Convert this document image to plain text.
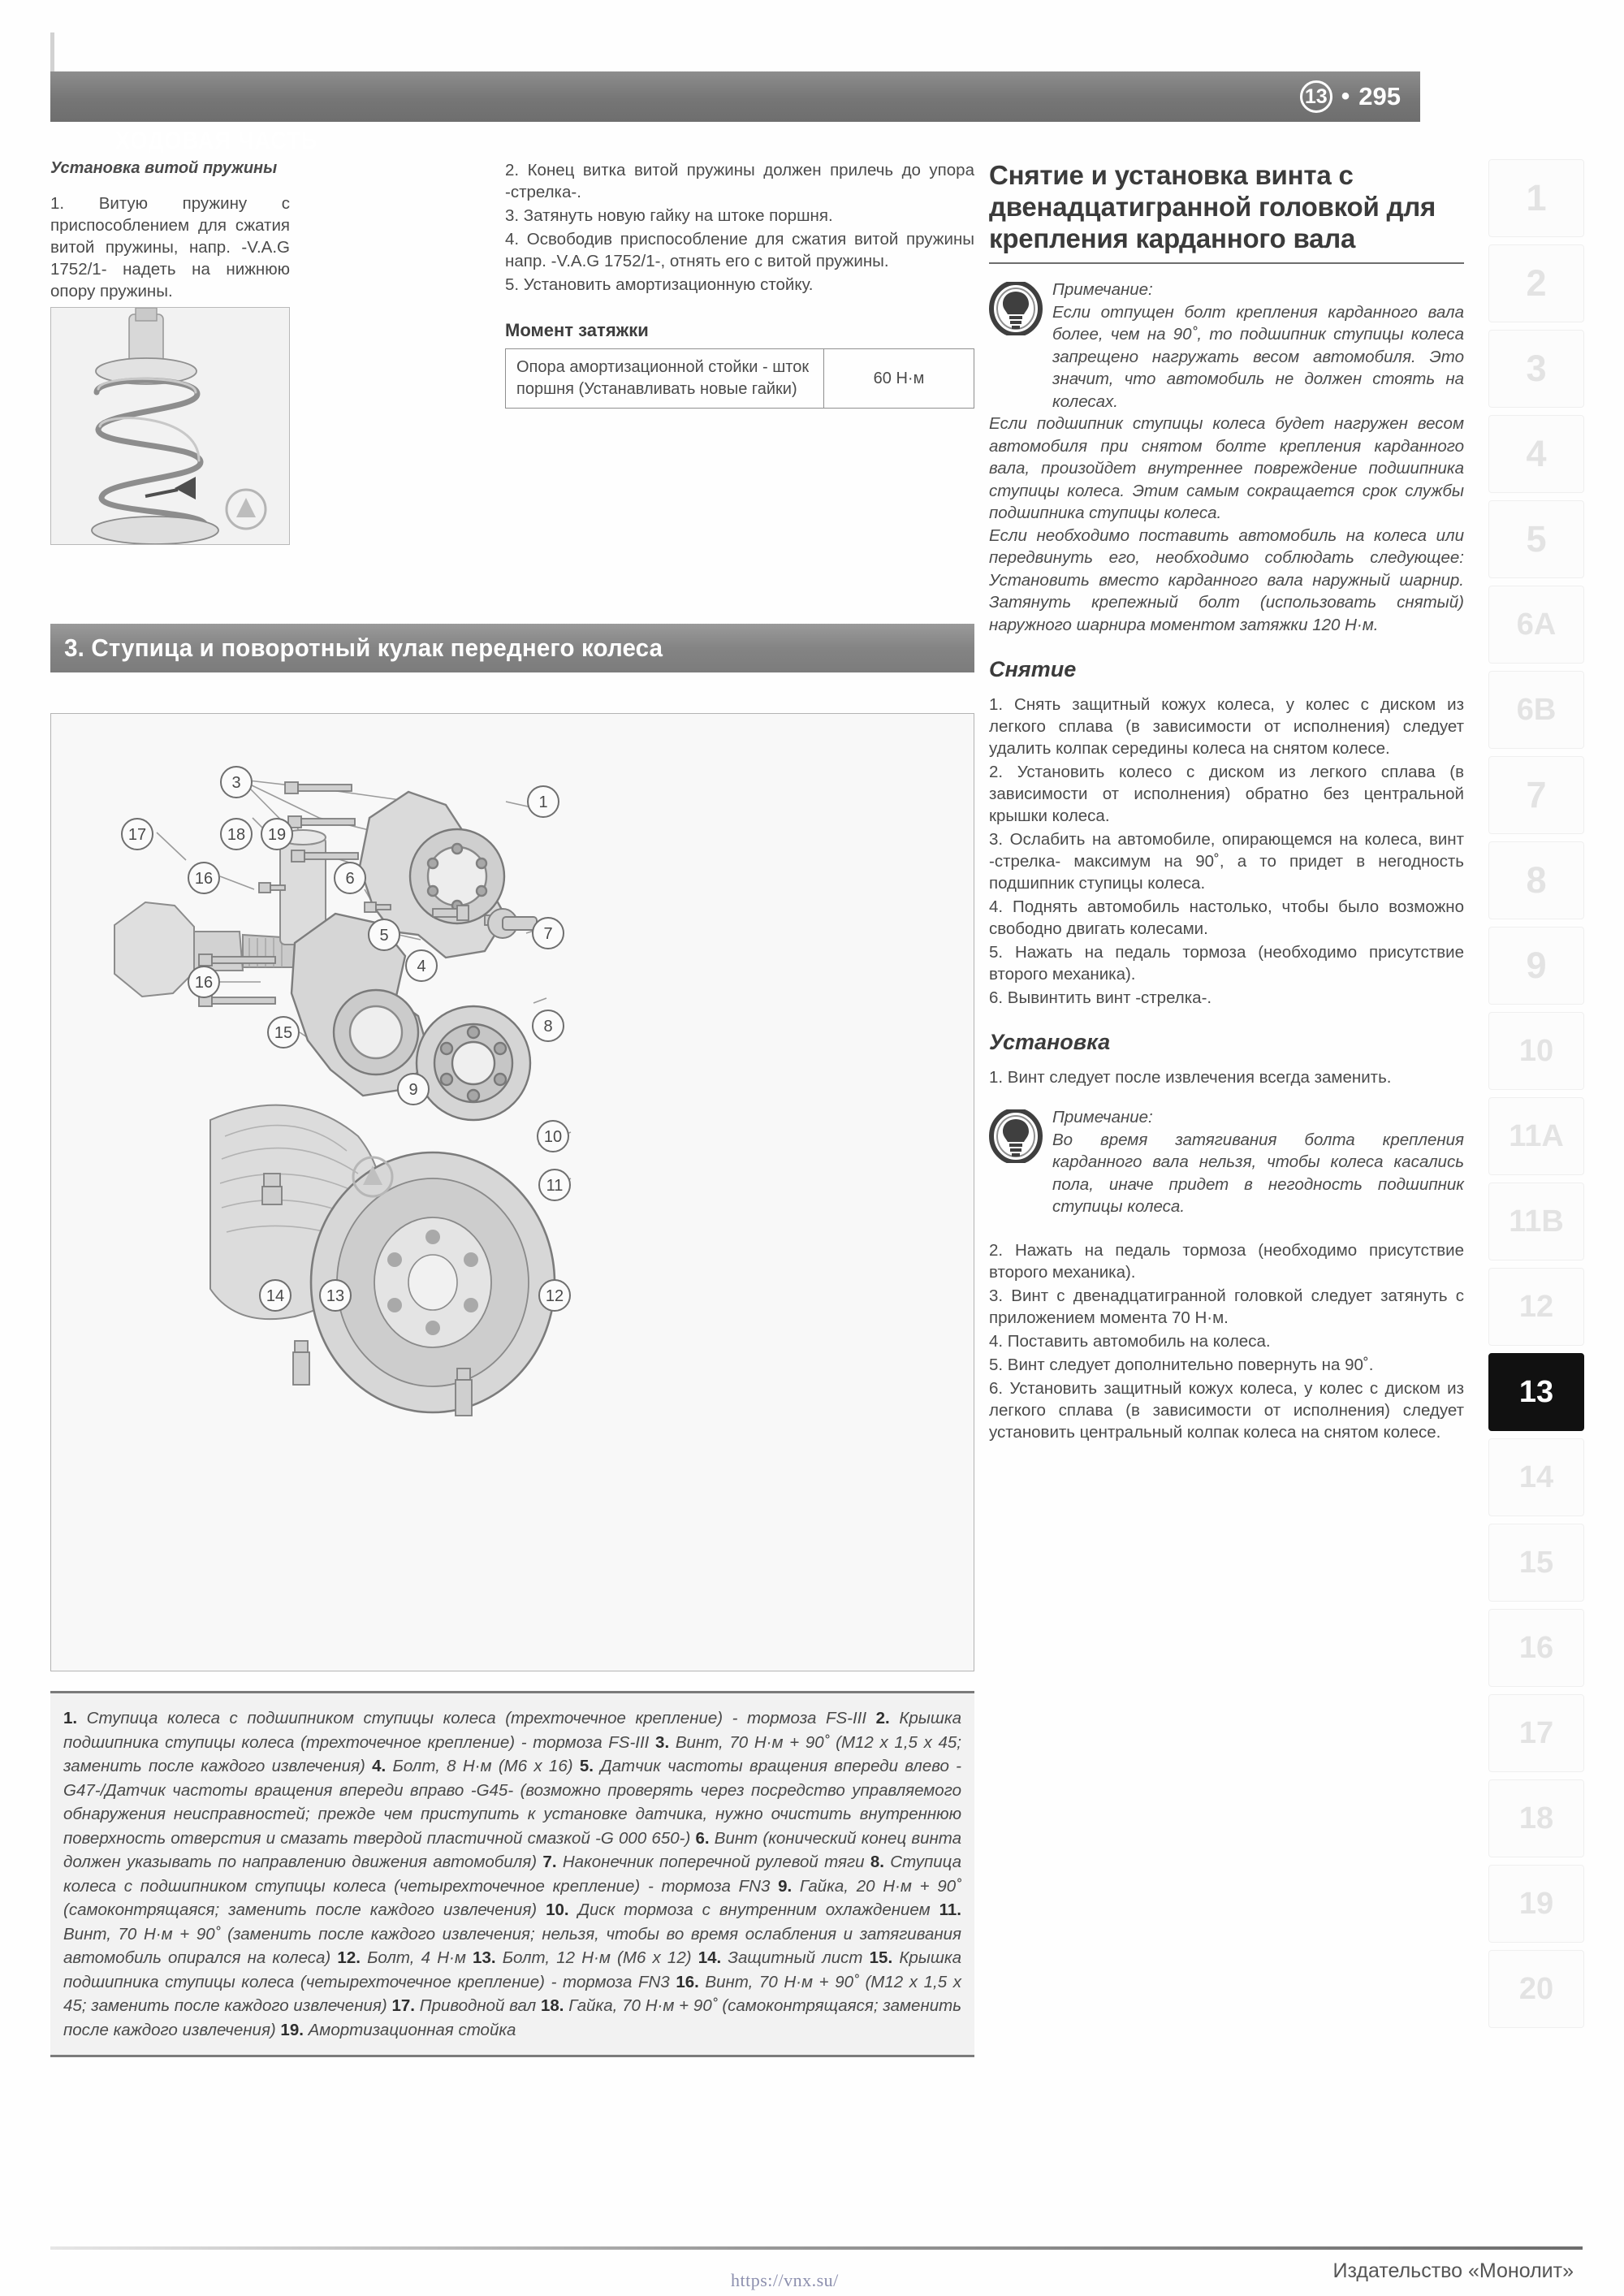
ХОДОВАЯ ЧАСТЬ
13 • 295
Установка витой пружины

1. Витую пружину с приспособлением для сжатия витой пружины, напр. -V.A.G 1752/1- надеть на нижнюю опору пружины.

2. Конец витка витой пружины должен прилечь до упора -стрелка-.

3. Затянуть новую гайку на штоке поршня.

4. Освободив приспособление для сжатия витой пружины напр. -V.A.G 1752/1-, отнять его с витой пружины.

5. Установить амортизационную стойку.

Момент затяжки
Опора амортизационной стойки - шток поршня (Устанавливать новые гайки)	60 Н·м
3. Ступица и поворотный кулак переднего колеса
3
17	18 19
16
16
6
5
4
1
7
8
15
9
10
11
14	13	12

1. Ступица колеса с подшипником ступицы колеса (трехточечное крепление) - тормоза FS-III 2. Крышка подшипника ступицы колеса (трехточечное крепление) - тормоза FS-III 3. Винт, 70 Н·м + 90˚ (М12 х 1,5 х 45; заменить после каждого извлечения) 4. Болт, 8 Н·м (М6 х 16) 5. Датчик частоты вращения впереди влево -G47-/Датчик частоты вращения впереди вправо -G45- (возможно проверять через посредство управляемого обнаружения неисправностей; прежде чем приступить к установке датчика, нужно очистить внутреннюю поверхность отверстия и смазать твердой пластичной смазкой -G 000 650-) 6. Винт (конический конец винта должен указывать по направлению движения автомобиля) 7. Наконечник поперечной рулевой тяги 8. Ступица колеса с подшипником ступицы колеса (четырехточечное крепление) - тормоза FN3 9. Гайка, 20 Н·м + 90˚ (самоконтрящаяся; заменить после каждого извлечения) 10. Диск тормоза с внутренним охлаждением 11. Винт, 70 Н·м + 90˚ (заменить после каждого извлечения; нельзя, чтобы во время ослабления и затягивания автомобиль опирался на колеса) 12. Болт, 4 Н·м 13. Болт, 12 Н·м (М6 х 12) 14. Защитный лист 15. Крышка подшипника ступицы колеса (четырехточечное крепление) - тормоза FN3 16. Винт, 70 Н·м + 90˚ (М12 х 1,5 х 45; заменить после каждого извлечения) 17. Приводной вал 18. Гайка, 70 Н·м + 90˚ (самоконтрящаяся; заменить после каждого извлечения) 19. Амортизационная стойка

Снятие и установка винта с двенадцатигранной головкой для крепления карданного вала

Примечание:

Если отпущен болт крепления карданного вала более, чем на 90˚, то подшипник ступицы колеса запрещено нагружать весом автомобиля. Это значит, что автомобиль не должен стоять на колесах.

Если подшипник ступицы колеса будет нагружен весом автомобиля при снятом болте крепления карданного вала, произойдет внутреннее повреждение подшипника ступицы колеса. Этим самым сокращается срок службы подшипника ступицы колеса.

Если необходимо поставить автомобиль на колеса или передвинуть его, необходимо соблюдать следующее: Установить вместо карданного вала наружный шарнир. Затянуть крепежный болт (использовать снятый) наружного шарнира моментом затяжки 120 Н·м.

Снятие

1. Снять защитный кожух колеса, у колес с диском из легкого сплава (в зависимости от исполнения) следует удалить колпак середины колеса на снятом колесе.

2. Установить колесо с диском из легкого сплава (в зависимости от исполнения) обратно без центральной крышки колеса.

3. Ослабить на автомобиле, опирающемся на колеса, винт -стрелка- максимум на 90˚, а то придет в негодность подшипник ступицы колеса.

4. Поднять автомобиль настолько, чтобы было возможно свободно двигать колесами.

5. Нажать на педаль тормоза (необходимо присутствие второго механика).

6. Вывинтить винт -стрелка-.

Установка

1. Винт следует после извлечения всегда заменить.

Примечание:

Во время затягивания болта крепления карданного вала нельзя, чтобы колеса касались пола, иначе придет в негодность подшипник ступицы колеса.

2. Нажать на педаль тормоза (необходимо присутствие второго механика).

3. Винт с двенадцатигранной головкой следует затянуть с приложением момента 70 Н·м.

4. Поставить автомобиль на колеса.

5. Винт следует дополнительно повернуть на 90˚.

6. Установить защитный кожух колеса, у колес с диском из легкого сплава (в зависимости от исполнения) следует установить центральный колпак колеса на снятом колесе.

1
2
3
4
5
6A
6B
7
8
9
10
11A
11B
12
13
14
15
16
17
18
19
20
Издательство «Монолит»
https://vnx.su/
